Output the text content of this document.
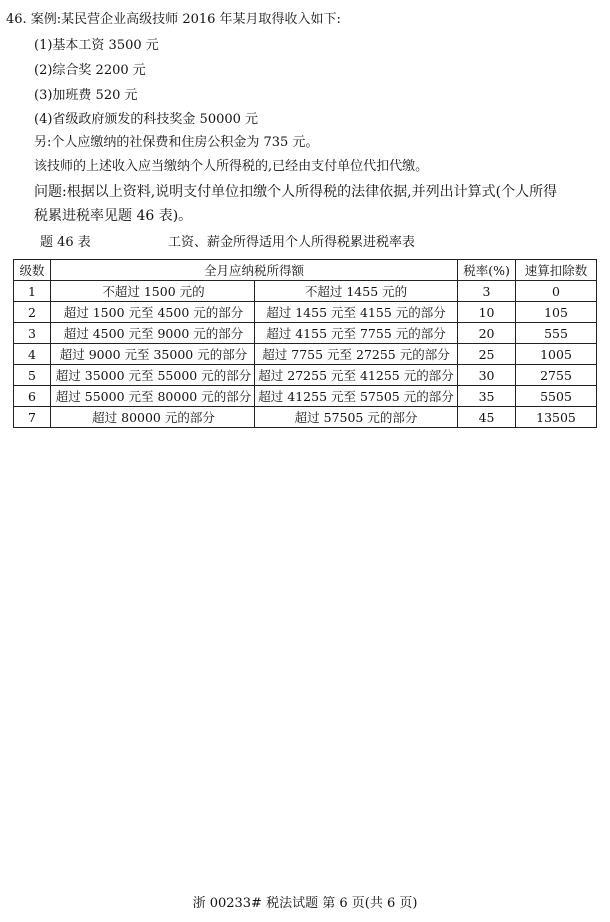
46. 案例:某民营企业高级技师 2016 年某月取得收入如下:
(1)基本工资 3500 元
(2)综合奖 2200 元
(3)加班费 520 元
(4)省级政府颁发的科技奖金 50000 元
另:个人应缴纳的社保费和住房公积金为 735 元。
该技师的上述收入应当缴纳个人所得税的,已经由支付单位代扣代缴。
问题:根据以上资料,说明支付单位扣缴个人所得税的法律依据,并列出计算式(个人所得
税累进税率见题 46 表)。
题 46 表	工资、薪金所得适用个人所得税累进税率表
级数	全月应纳税所得额		税率(%)	速算扣除数
1	不超过 1500 元的	不超过 1455 元的	3	0
2	超过 1500 元至 4500 元的部分	超过 1455 元至 4155 元的部分	10	105
3	超过 4500 元至 9000 元的部分	超过 4155 元至 7755 元的部分	20	555
4	超过 9000 元至 35000 元的部分	超过 7755 元至 27255 元的部分	25	1005
5	超过 35000 元至 55000 元的部分	超过 27255 元至 41255 元的部分	30	2755
6	超过 55000 元至 80000 元的部分	超过 41255 元至 57505 元的部分	35	5505
7	超过 80000 元的部分	超过 57505 元的部分	45	13505
浙 00233# 税法试题 第 6 页(共 6 页)
